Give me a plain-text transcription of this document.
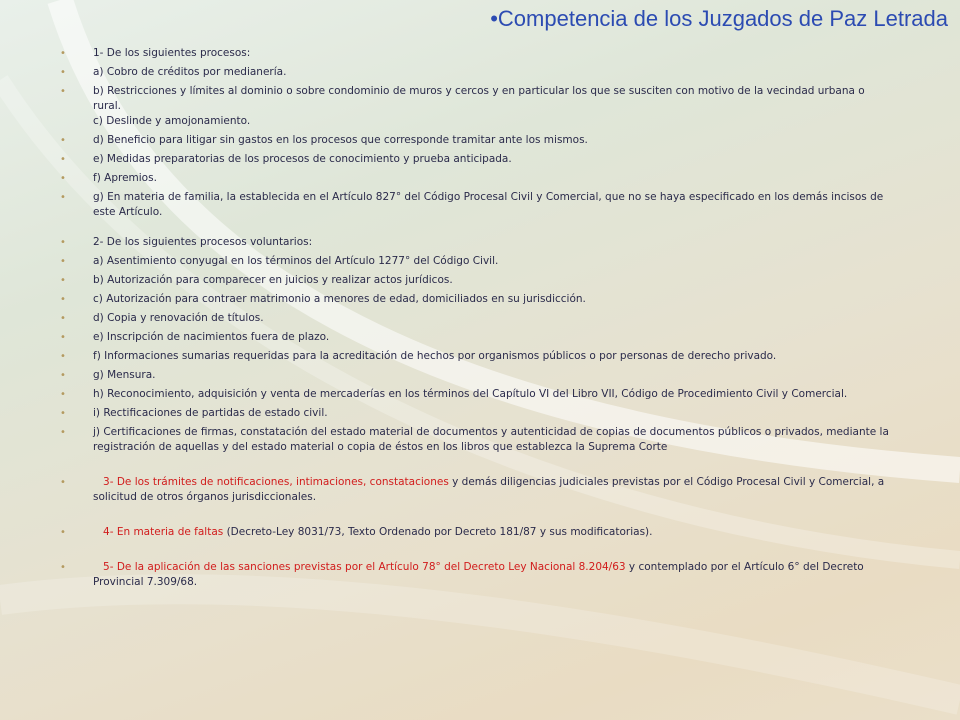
•Competencia de los Juzgados de Paz Letrada
• 1- De los siguientes procesos:
• a) Cobro de créditos por medianería.
• b) Restricciones y límites al dominio o sobre condominio de muros y cercos y en particular los que se susciten con motivo de la vecindad urbana o rural.
c) Deslinde y amojonamiento.
• d) Beneficio para litigar sin gastos en los procesos que corresponde tramitar ante los mismos.
• e) Medidas preparatorias de los procesos de conocimiento y prueba anticipada.
• f) Apremios.
• g) En materia de familia, la establecida en el Artículo 827° del Código Procesal Civil y Comercial, que no se haya especificado en los demás incisos de este Artículo.
• 2- De los siguientes procesos voluntarios:
• a) Asentimiento conyugal en los términos del Artículo 1277° del Código Civil.
• b) Autorización para comparecer en juicios y realizar actos jurídicos.
• c) Autorización para contraer matrimonio a menores de edad, domiciliados en su jurisdicción.
• d) Copia y renovación de títulos.
• e) Inscripción de nacimientos fuera de plazo.
• f) Informaciones sumarias requeridas para la acreditación de hechos por organismos públicos o por personas de derecho privado.
• g) Mensura.
• h) Reconocimiento, adquisición y venta de mercaderías en los términos del Capítulo VI del Libro VII, Código de Procedimiento Civil y Comercial.
• i) Rectificaciones de partidas de estado civil.
• j) Certificaciones de firmas, constatación del estado material de documentos y autenticidad de copias de documentos públicos o privados, mediante la registración de aquellas y del estado material o copia de éstos en los libros que establezca la Suprema Corte
• 3- De los trámites de notificaciones, intimaciones, constataciones y demás diligencias judiciales previstas por el Código Procesal Civil y Comercial, a solicitud de otros órganos jurisdiccionales.
• 4- En materia de faltas (Decreto-Ley 8031/73, Texto Ordenado por Decreto 181/87 y sus modificatorias).
• 5- De la aplicación de las sanciones previstas por el Artículo 78° del Decreto Ley Nacional 8.204/63 y contemplado por el Artículo 6° del Decreto Provincial 7.309/68.
